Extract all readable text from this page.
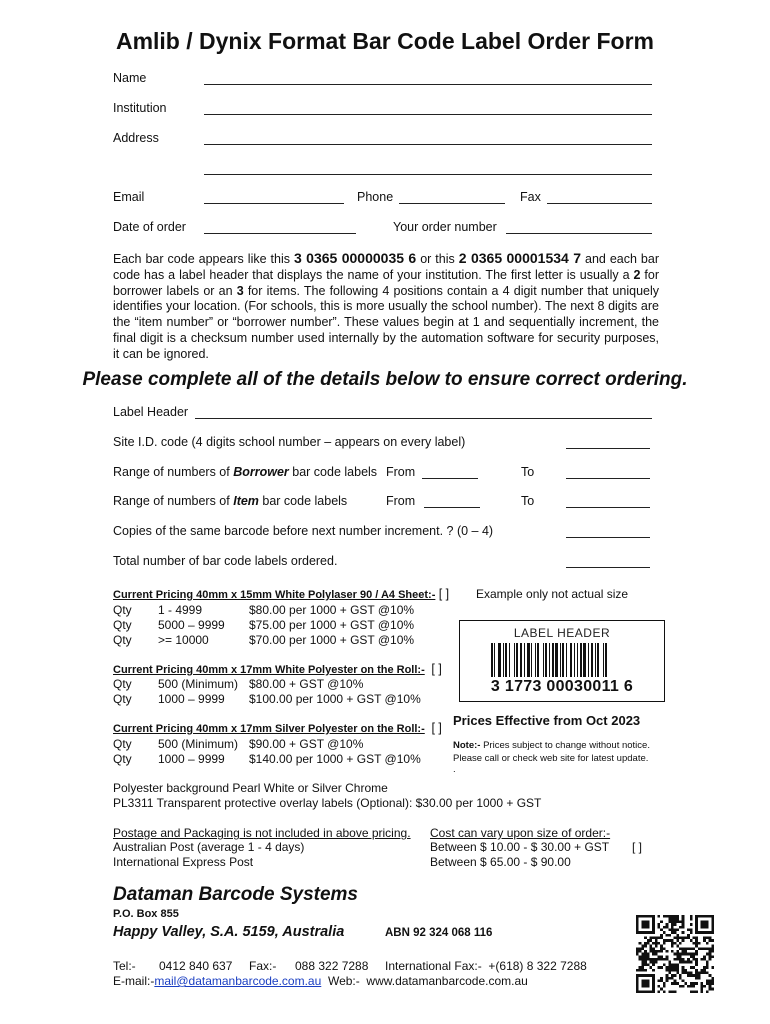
Amlib / Dynix Format Bar Code Label Order Form
Name
Institution
Address
Email	Phone	Fax
Date of order	Your order number
Each bar code appears like this 3 0365 00000035 6 or this 2 0365 00001534 7 and each bar code has a label header that displays the name of your institution. The first letter is usually a 2 for borrower labels or an 3 for items. The following 4 positions contain a 4 digit number that uniquely identifies your location. (For schools, this is more usually the school number). The next 8 digits are the “item number” or “borrower number”. These values begin at 1 and sequentially increment, the final digit is a checksum number used internally by the automation software for security purposes, it can be ignored.
Please complete all of the details below to ensure correct ordering.
Label Header
Site I.D. code (4 digits school number – appears on every label)
Range of numbers of Borrower bar code labels From	To
Range of numbers of Item bar code labels	From	To
Copies of the same barcode before next number increment. ? (0 – 4)
Total number of bar code labels ordered.
Current Pricing 40mm x 15mm White Polylaser 90 / A4 Sheet:- [ ]
Qty 1 - 4999	$80.00 per 1000 + GST @10%
Qty 5000 – 9999 $75.00 per 1000 + GST @10%
Qty >= 10000	$70.00 per 1000 + GST @10%
Current Pricing 40mm x 17mm White Polyester on the Roll:- [ ]
Qty 500 (Minimum) $80.00 + GST @10%
Qty 1000 – 9999 $100.00 per 1000 + GST @10%
Current Pricing 40mm x 17mm Silver Polyester on the Roll:- [ ]
Qty 500 (Minimum) $90.00 + GST @10%
Qty 1000 – 9999 $140.00 per 1000 + GST @10%
Example only not actual size
LABEL HEADER
3 1773 00030011 6
Prices Effective from Oct 2023
Note:- Prices subject to change without notice.
Please call or check web site for latest update.
.
Polyester background Pearl White or Silver Chrome
PL3311 Transparent protective overlay labels (Optional): $30.00 per 1000 + GST
Postage and Packaging is not included in above pricing. Cost can vary upon size of order:-
Australian Post (average 1 - 4 days)	Between $ 10.00 - $ 30.00 + GST [ ]
International Express Post	Between $ 65.00 - $ 90.00
Dataman Barcode Systems
P.O. Box 855
Happy Valley, S.A. 5159, Australia	ABN 92 324 068 116
Tel:- 0412 840 637 Fax:- 088 322 7288 International Fax:- +(618) 8 322 7288
E-mail:-mail@datamanbarcode.com.au Web:- www.datamanbarcode.com.au
